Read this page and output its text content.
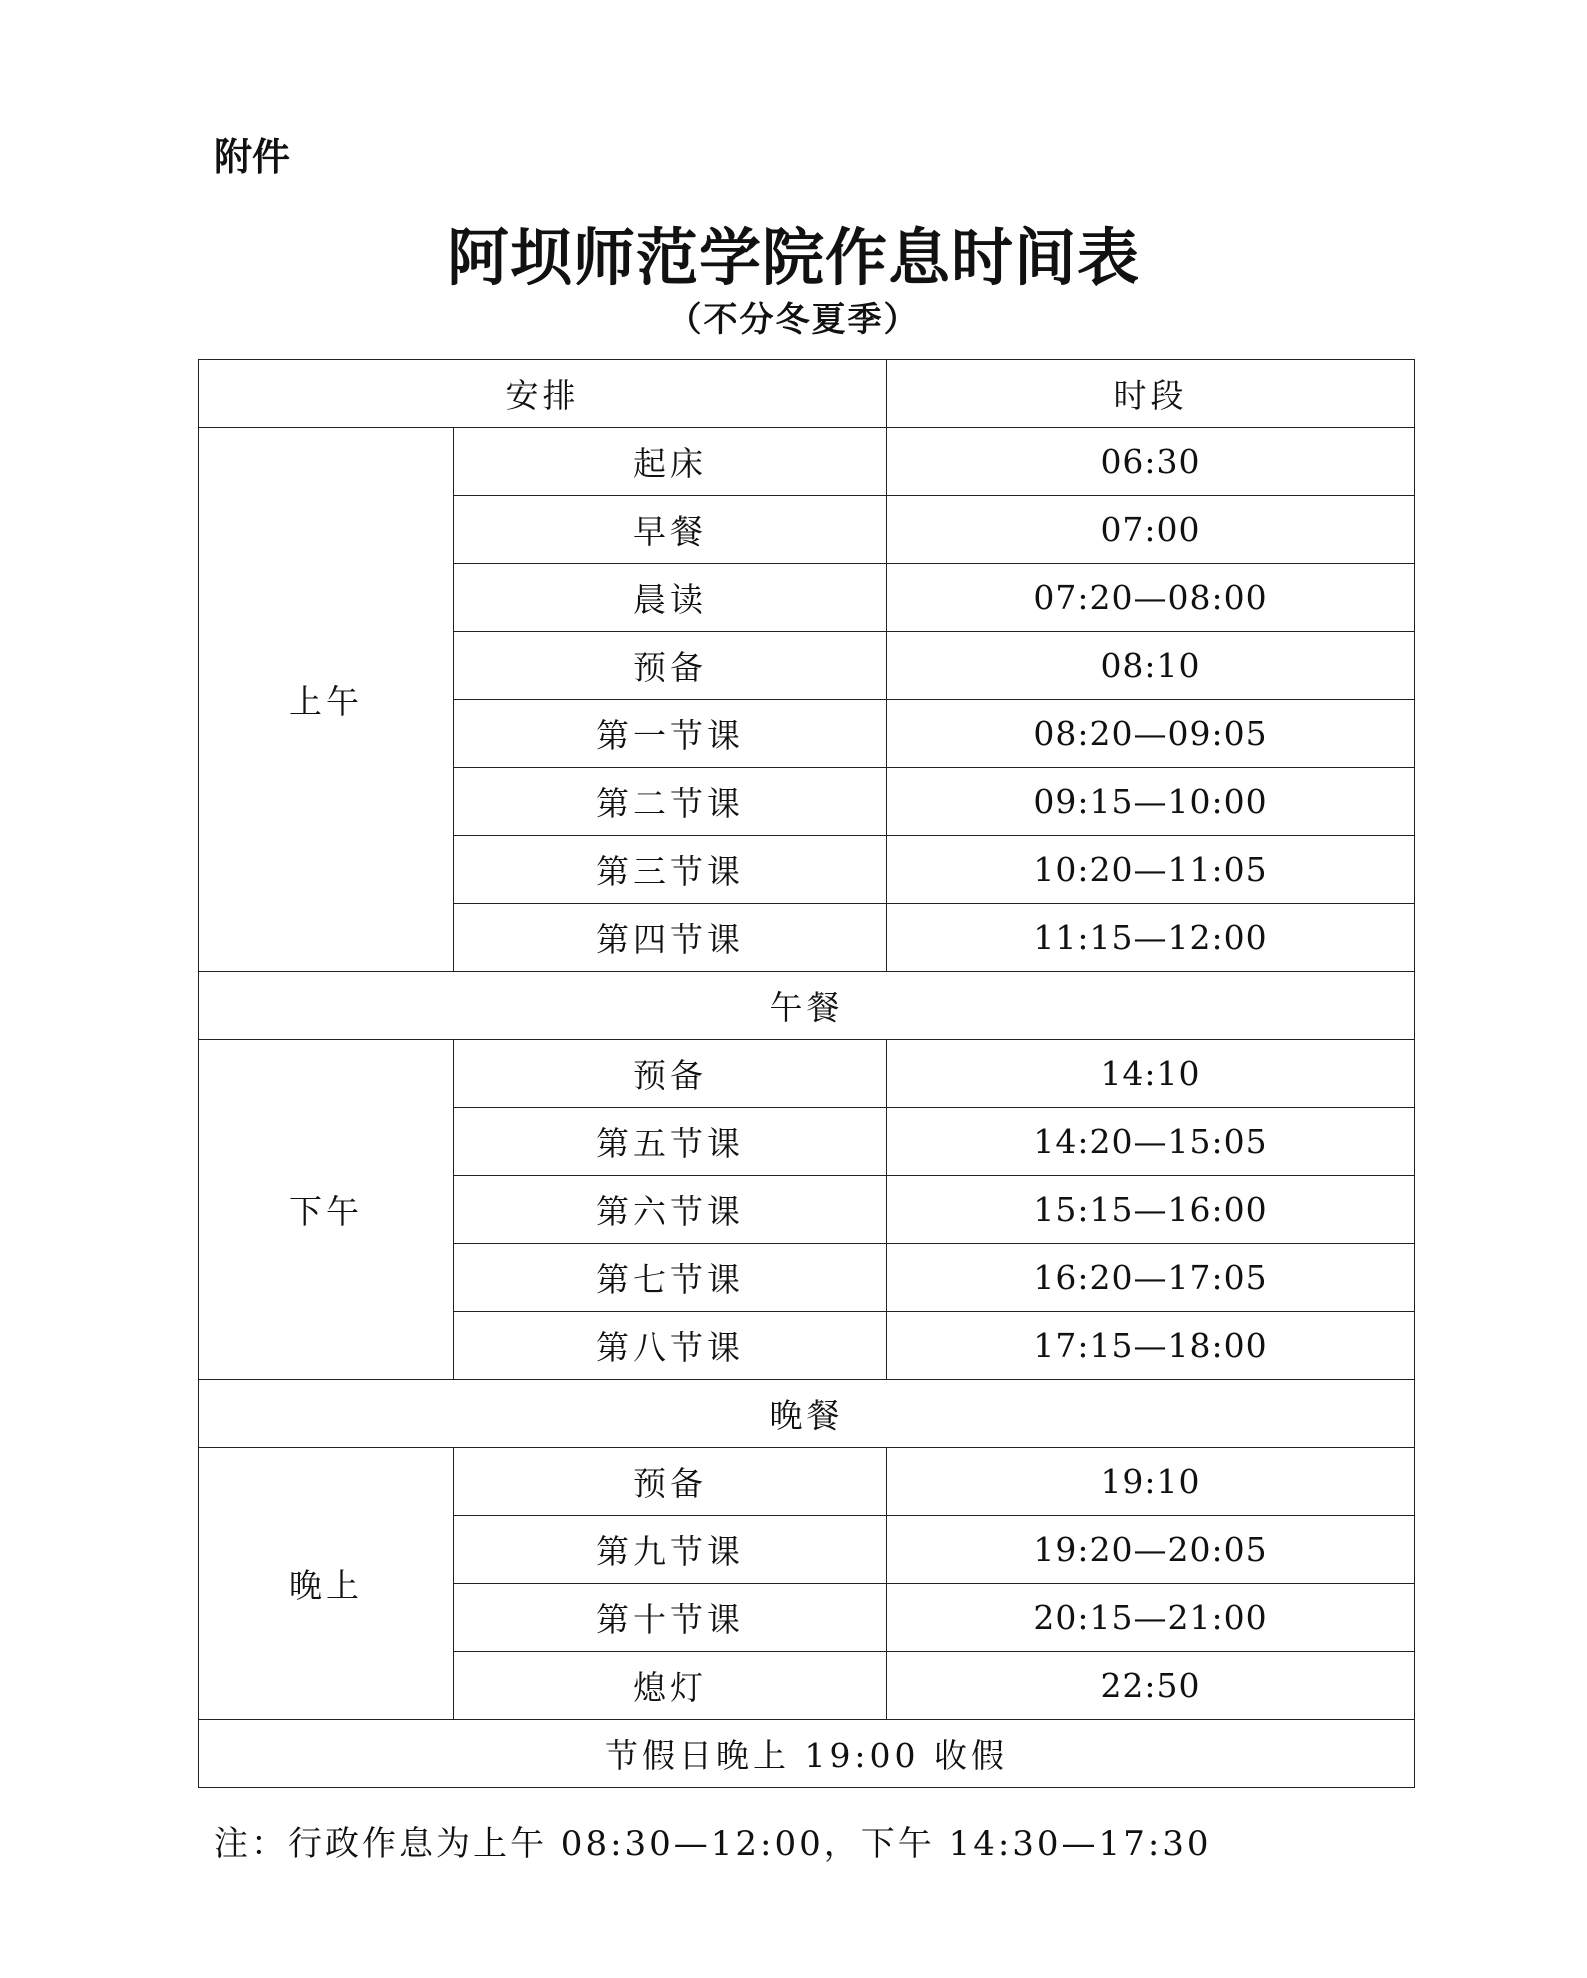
附件
阿坝师范学院作息时间表
（不分冬夏季）
安排		时段
上午	起床	06:30
	早餐	07:00
	晨读	07:20—08:00
	预备	08:10
	第一节课	08:20—09:05
	第二节课	09:15—10:00
	第三节课	10:20—11:05
	第四节课	11:15—12:00
午餐		
下午	预备	14:10
	第五节课	14:20—15:05
	第六节课	15:15—16:00
	第七节课	16:20—17:05
	第八节课	17:15—18:00
晚餐		
晚上	预备	19:10
	第九节课	19:20—20:05
	第十节课	20:15—21:00
	熄灯	22:50
节假日晚上 19:00 收假		
注：行政作息为上午 08:30—12:00，下午 14:30—17:30
